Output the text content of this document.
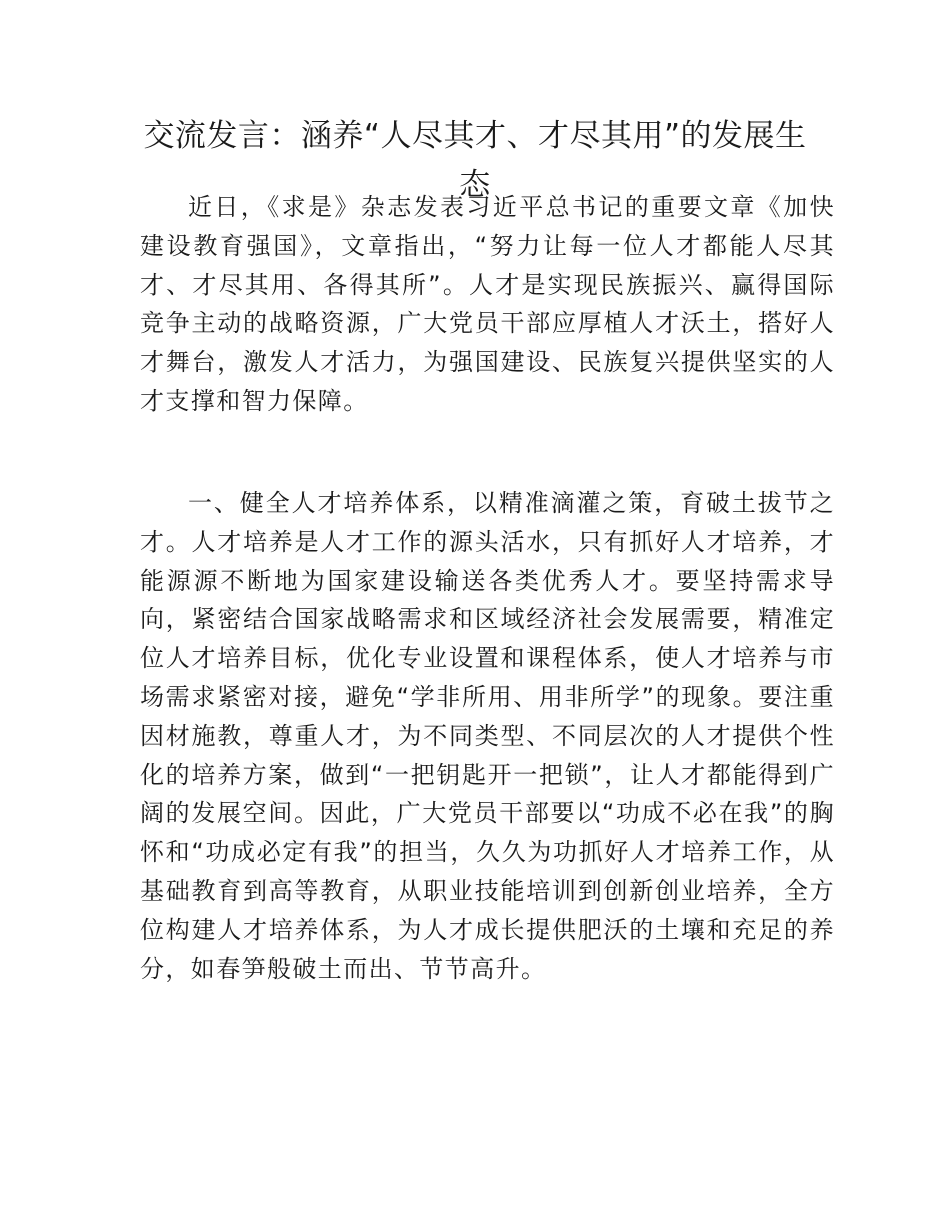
交流发言：涵养“人尽其才、才尽其用”的发展生态

近日，《求是》杂志发表习近平总书记的重要文章《加快建设教育强国》，文章指出，“努力让每一位人才都能人尽其才、才尽其用、各得其所”。人才是实现民族振兴、赢得国际竞争主动的战略资源，广大党员干部应厚植人才沃土，搭好人才舞台，激发人才活力，为强国建设、民族复兴提供坚实的人才支撑和智力保障。

一、健全人才培养体系，以精准滴灌之策，育破土拔节之才。人才培养是人才工作的源头活水，只有抓好人才培养，才能源源不断地为国家建设输送各类优秀人才。要坚持需求导向，紧密结合国家战略需求和区域经济社会发展需要，精准定位人才培养目标，优化专业设置和课程体系，使人才培养与市场需求紧密对接，避免“学非所用、用非所学”的现象。要注重因材施教，尊重人才，为不同类型、不同层次的人才提供个性化的培养方案，做到“一把钥匙开一把锁”，让人才都能得到广阔的发展空间。因此，广大党员干部要以“功成不必在我”的胸怀和“功成必定有我”的担当，久久为功抓好人才培养工作，从基础教育到高等教育，从职业技能培训到创新创业培养，全方位构建人才培养体系，为人才成长提供肥沃的土壤和充足的养分，如春笋般破土而出、节节高升。
